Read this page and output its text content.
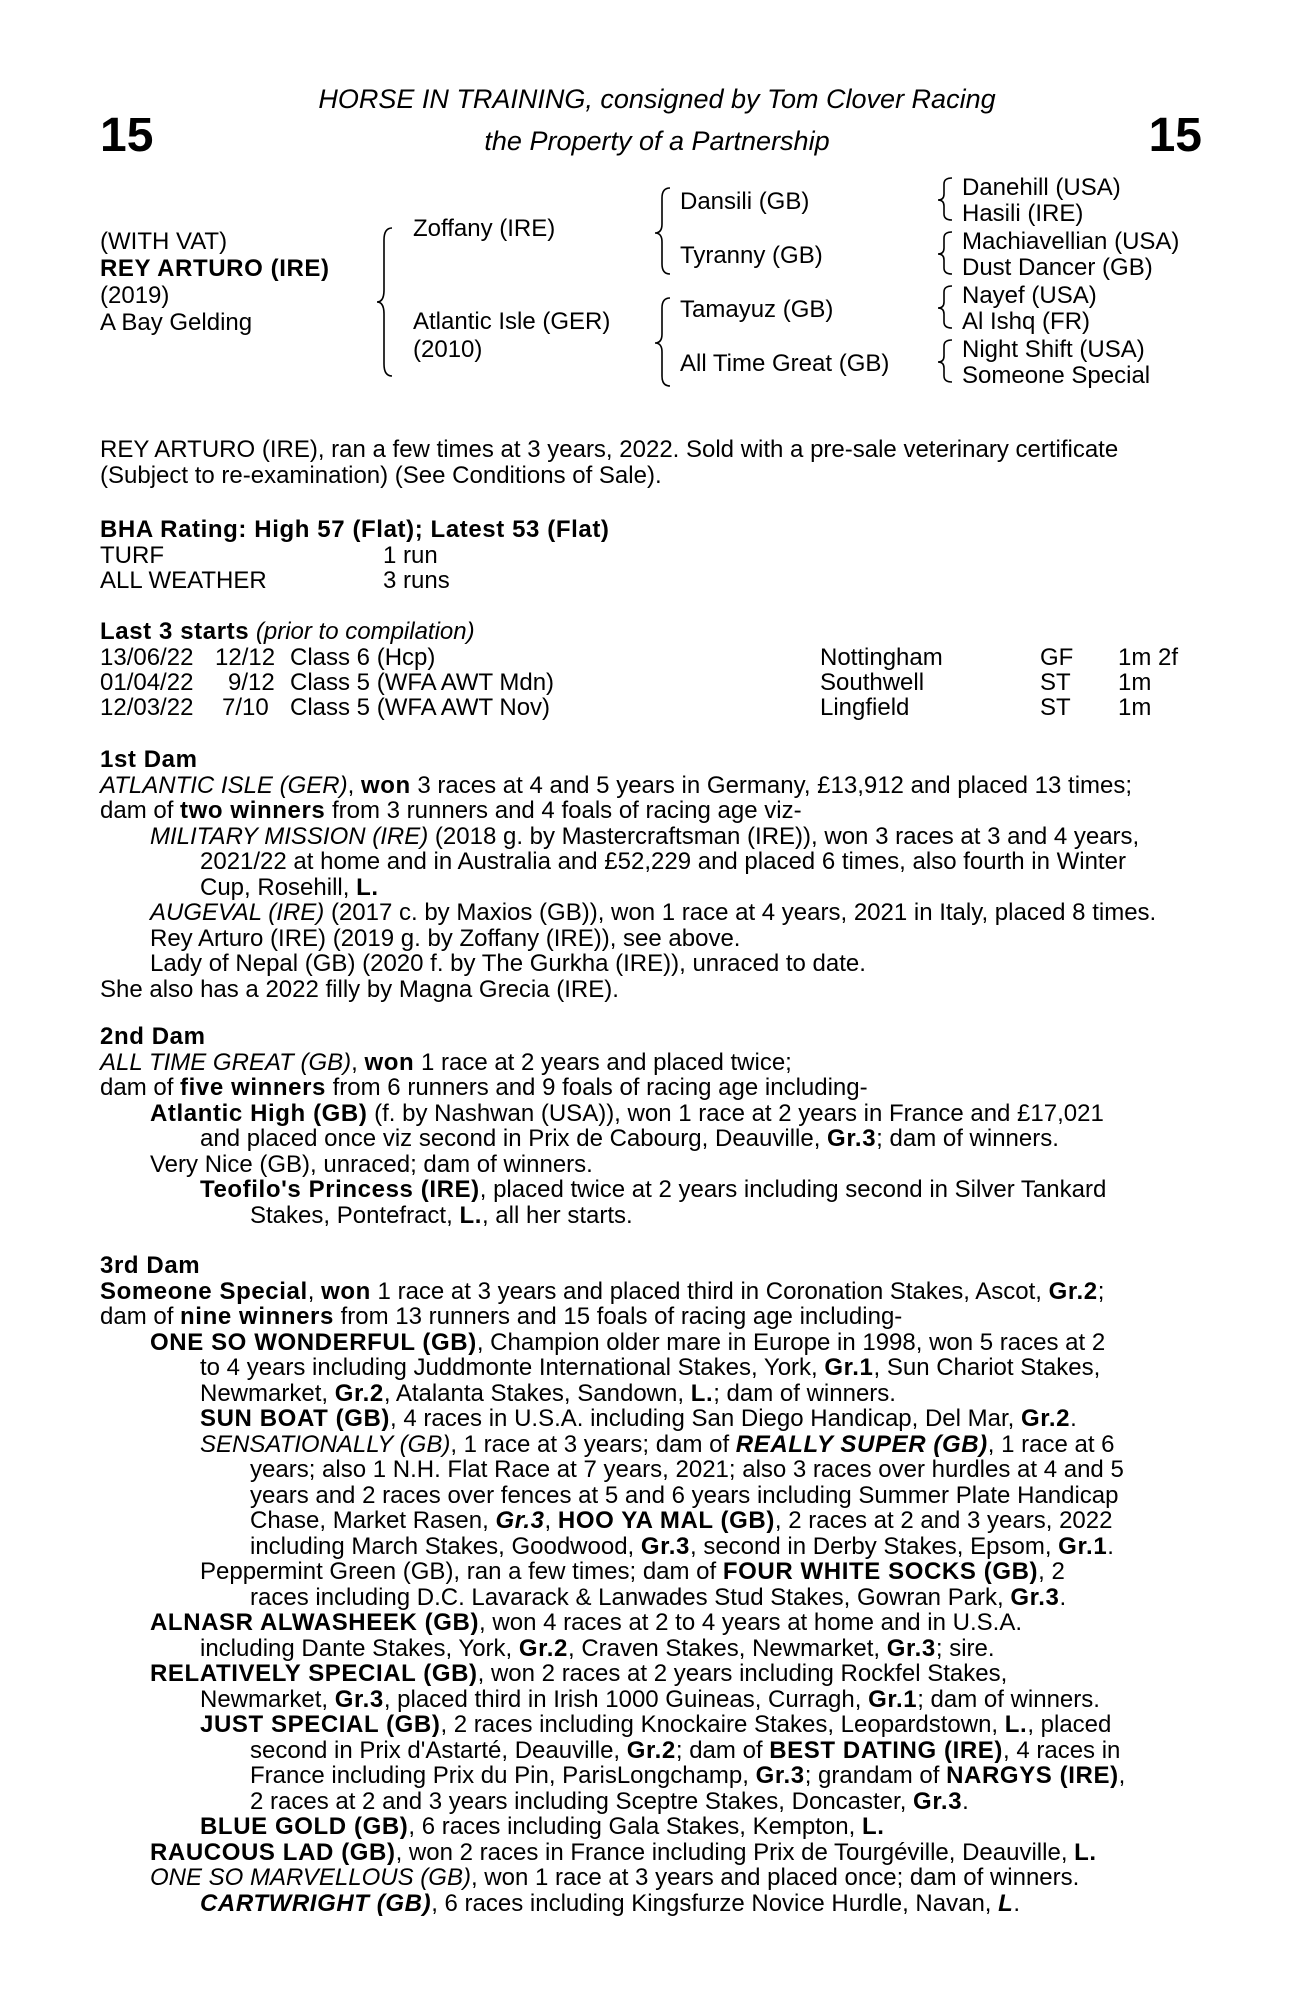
15	15
HORSE IN TRAINING, consigned by Tom Clover Racing
the Property of a Partnership
(WITH VAT)
REY ARTURO (IRE)
(2019)
A Bay Gelding
Zoffany (IRE)
Atlantic Isle (GER)
(2010)
Dansili (GB)
Tyranny (GB)
Tamayuz (GB)
All Time Great (GB)
Danehill (USA)
Hasili (IRE)
Machiavellian (USA)
Dust Dancer (GB)
Nayef (USA)
Al Ishq (FR)
Night Shift (USA)
Someone Special
REY ARTURO (IRE), ran a few times at 3 years, 2022. Sold with a pre-sale veterinary certificate
(Subject to re-examination) (See Conditions of Sale).
BHA Rating: High 57 (Flat); Latest 53 (Flat)
TURF	1 run
ALL WEATHER	3 runs
Last 3 starts (prior to compilation)
13/06/22 12/12 Class 6 (Hcp)	Nottingham	GF 1m 2f
01/04/22 9/12 Class 5 (WFA AWT Mdn)	Southwell	ST 1m
12/03/22 7/10 Class 5 (WFA AWT Nov)	Lingfield	ST 1m
1st Dam
ATLANTIC ISLE (GER), won 3 races at 4 and 5 years in Germany, £13,912 and placed 13 times;
dam of two winners from 3 runners and 4 foals of racing age viz-
MILITARY MISSION (IRE) (2018 g. by Mastercraftsman (IRE)), won 3 races at 3 and 4 years,
2021/22 at home and in Australia and £52,229 and placed 6 times, also fourth in Winter
Cup, Rosehill, L.
AUGEVAL (IRE) (2017 c. by Maxios (GB)), won 1 race at 4 years, 2021 in Italy, placed 8 times.
Rey Arturo (IRE) (2019 g. by Zoffany (IRE)), see above.
Lady of Nepal (GB) (2020 f. by The Gurkha (IRE)), unraced to date.
She also has a 2022 filly by Magna Grecia (IRE).
2nd Dam
ALL TIME GREAT (GB), won 1 race at 2 years and placed twice;
dam of five winners from 6 runners and 9 foals of racing age including-
Atlantic High (GB) (f. by Nashwan (USA)), won 1 race at 2 years in France and £17,021
and placed once viz second in Prix de Cabourg, Deauville, Gr.3; dam of winners.
Very Nice (GB), unraced; dam of winners.
Teofilo's Princess (IRE), placed twice at 2 years including second in Silver Tankard
Stakes, Pontefract, L., all her starts.
3rd Dam
Someone Special, won 1 race at 3 years and placed third in Coronation Stakes, Ascot, Gr.2;
dam of nine winners from 13 runners and 15 foals of racing age including-
ONE SO WONDERFUL (GB), Champion older mare in Europe in 1998, won 5 races at 2
to 4 years including Juddmonte International Stakes, York, Gr.1, Sun Chariot Stakes,
Newmarket, Gr.2, Atalanta Stakes, Sandown, L.; dam of winners.
SUN BOAT (GB), 4 races in U.S.A. including San Diego Handicap, Del Mar, Gr.2.
SENSATIONALLY (GB), 1 race at 3 years; dam of REALLY SUPER (GB), 1 race at 6
years; also 1 N.H. Flat Race at 7 years, 2021; also 3 races over hurdles at 4 and 5
years and 2 races over fences at 5 and 6 years including Summer Plate Handicap
Chase, Market Rasen, Gr.3, HOO YA MAL (GB), 2 races at 2 and 3 years, 2022
including March Stakes, Goodwood, Gr.3, second in Derby Stakes, Epsom, Gr.1.
Peppermint Green (GB), ran a few times; dam of FOUR WHITE SOCKS (GB), 2
races including D.C. Lavarack & Lanwades Stud Stakes, Gowran Park, Gr.3.
ALNASR ALWASHEEK (GB), won 4 races at 2 to 4 years at home and in U.S.A.
including Dante Stakes, York, Gr.2, Craven Stakes, Newmarket, Gr.3; sire.
RELATIVELY SPECIAL (GB), won 2 races at 2 years including Rockfel Stakes,
Newmarket, Gr.3, placed third in Irish 1000 Guineas, Curragh, Gr.1; dam of winners.
JUST SPECIAL (GB), 2 races including Knockaire Stakes, Leopardstown, L., placed
second in Prix d'Astarté, Deauville, Gr.2; dam of BEST DATING (IRE), 4 races in
France including Prix du Pin, ParisLongchamp, Gr.3; grandam of NARGYS (IRE),
2 races at 2 and 3 years including Sceptre Stakes, Doncaster, Gr.3.
BLUE GOLD (GB), 6 races including Gala Stakes, Kempton, L.
RAUCOUS LAD (GB), won 2 races in France including Prix de Tourgéville, Deauville, L.
ONE SO MARVELLOUS (GB), won 1 race at 3 years and placed once; dam of winners.
CARTWRIGHT (GB), 6 races including Kingsfurze Novice Hurdle, Navan, L.
